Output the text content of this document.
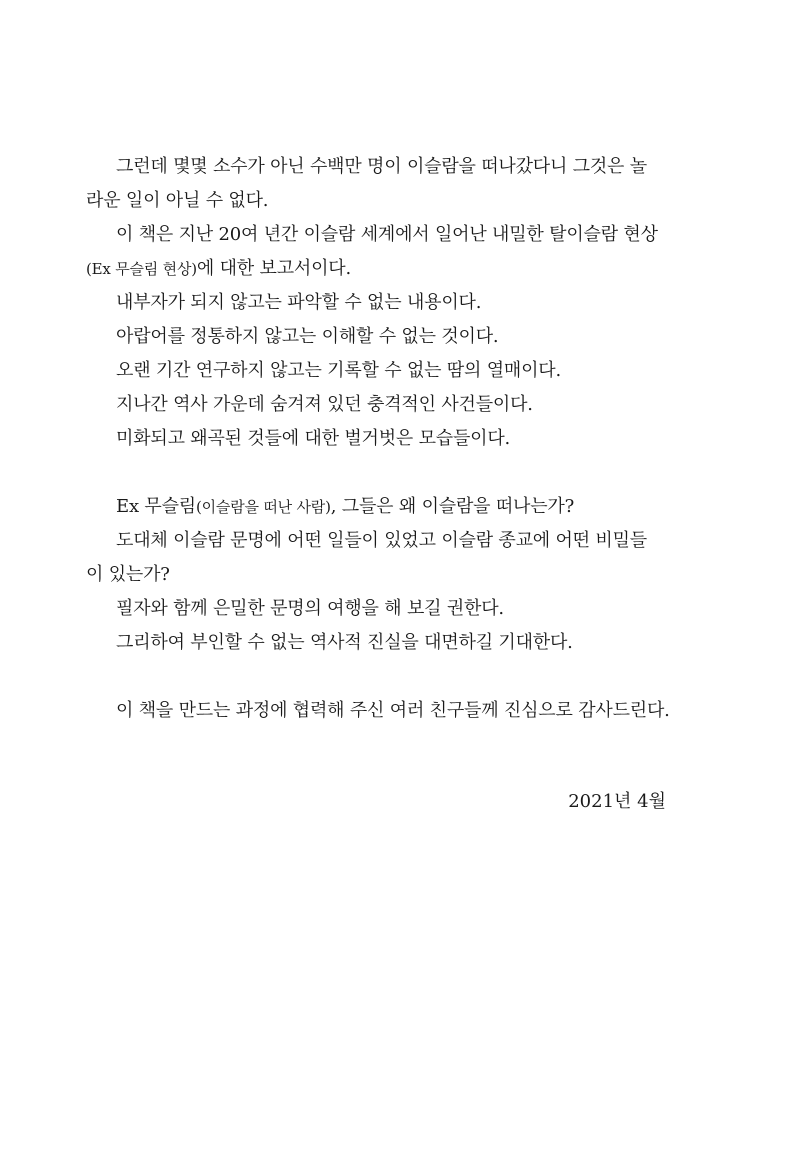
그런데 몇몇 소수가 아닌 수백만 명이 이슬람을 떠나갔다니 그것은 놀
라운 일이 아닐 수 없다.
이 책은 지난 20여 년간 이슬람 세계에서 일어난 내밀한 탈이슬람 현상
(Ex 무슬림 현상)에 대한 보고서이다.
내부자가 되지 않고는 파악할 수 없는 내용이다.
아랍어를 정통하지 않고는 이해할 수 없는 것이다.
오랜 기간 연구하지 않고는 기록할 수 없는 땀의 열매이다.
지나간 역사 가운데 숨겨져 있던 충격적인 사건들이다.
미화되고 왜곡된 것들에 대한 벌거벗은 모습들이다.
Ex 무슬림(이슬람을 떠난 사람), 그들은 왜 이슬람을 떠나는가?
도대체 이슬람 문명에 어떤 일들이 있었고 이슬람 종교에 어떤 비밀들
이 있는가?
필자와 함께 은밀한 문명의 여행을 해 보길 권한다.
그리하여 부인할 수 없는 역사적 진실을 대면하길 기대한다.
이 책을 만드는 과정에 협력해 주신 여러 친구들께 진심으로 감사드린다.
2021년 4월
